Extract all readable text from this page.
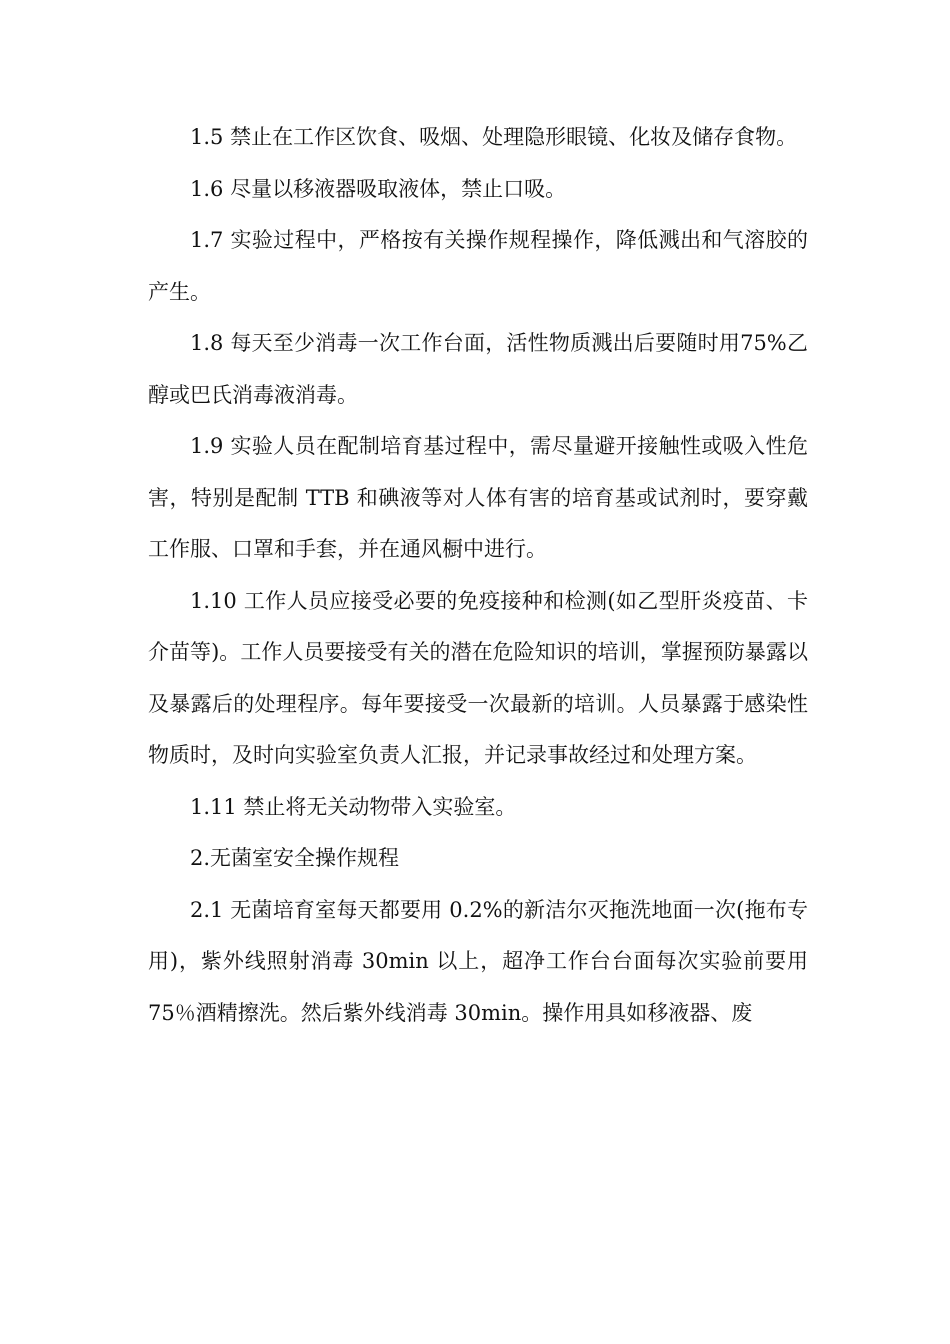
1.5 禁止在工作区饮食、吸烟、处理隐形眼镜、化妆及储存食物。

1.6 尽量以移液器吸取液体，禁止口吸。

1.7 实验过程中，严格按有关操作规程操作，降低溅出和气溶胶的产生。

1.8 每天至少消毒一次工作台面，活性物质溅出后要随时用75%乙醇或巴氏消毒液消毒。

1.9 实验人员在配制培育基过程中，需尽量避开接触性或吸入性危害，特别是配制 TTB 和碘液等对人体有害的培育基或试剂时，要穿戴工作服、口罩和手套，并在通风橱中进行。

1.10 工作人员应接受必要的免疫接种和检测(如乙型肝炎疫苗、卡介苗等)。工作人员要接受有关的潜在危险知识的培训，掌握预防暴露以及暴露后的处理程序。每年要接受一次最新的培训。人员暴露于感染性物质时，及时向实验室负责人汇报，并记录事故经过和处理方案。

1.11 禁止将无关动物带入实验室。

2.无菌室安全操作规程

2.1 无菌培育室每天都要用 0.2%的新洁尔灭拖洗地面一次(拖布专用)，紫外线照射消毒 30min 以上，超净工作台台面每次实验前要用 75％酒精擦洗。然后紫外线消毒 30min。操作用具如移液器、废
